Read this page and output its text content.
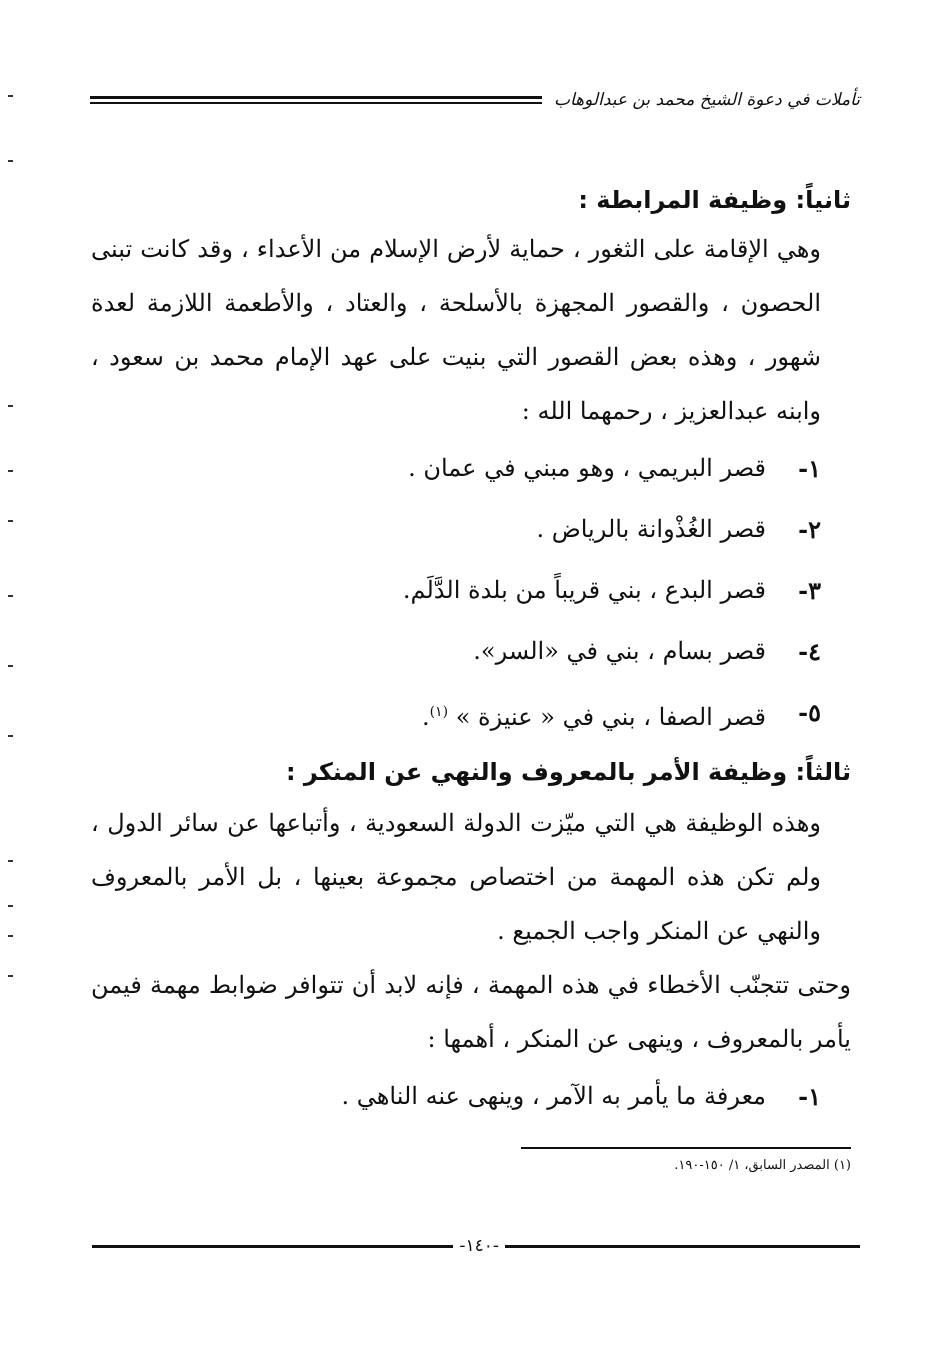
تأملات في دعوة الشيخ محمد بن عبدالوهاب
ثانياً: وظيفة المرابطة :

وهي الإقامة على الثغور ، حماية لأرض الإسلام من الأعداء ، وقد كانت تبنى الحصون ، والقصور المجهزة بالأسلحة ، والعتاد ، والأطعمة اللازمة لعدة شهور ، وهذه بعض القصور التي بنيت على عهد الإمام محمد بن سعود ، وابنه عبدالعزيز ، رحمهما الله :

١-
قصر البريمي ، وهو مبني في عمان .
٢-
قصر الغُذْوانة بالرياض .
٣-
قصر البدع ، بني قريباً من بلدة الدَّلَم.
٤-
قصر بسام ، بني في «السر».
٥-
قصر الصفا ، بني في « عنيزة » $^{(١)}$.
ثالثاً: وظيفة الأمر بالمعروف والنهي عن المنكر :

وهذه الوظيفة هي التي ميّزت الدولة السعودية ، وأتباعها عن سائر الدول ، ولم تكن هذه المهمة من اختصاص مجموعة بعينها ، بل الأمر بالمعروف والنهي عن المنكر واجب الجميع .

وحتى تتجنّب الأخطاء في هذه المهمة ، فإنه لابد أن تتوافر ضوابط مهمة فيمن يأمر بالمعروف ، وينهى عن المنكر ، أهمها :

١-
معرفة ما يأمر به الآمر ، وينهى عنه الناهي .
(١) المصدر السابق، ١/ ١٥٠-١٩٠.
-١٤٠-
